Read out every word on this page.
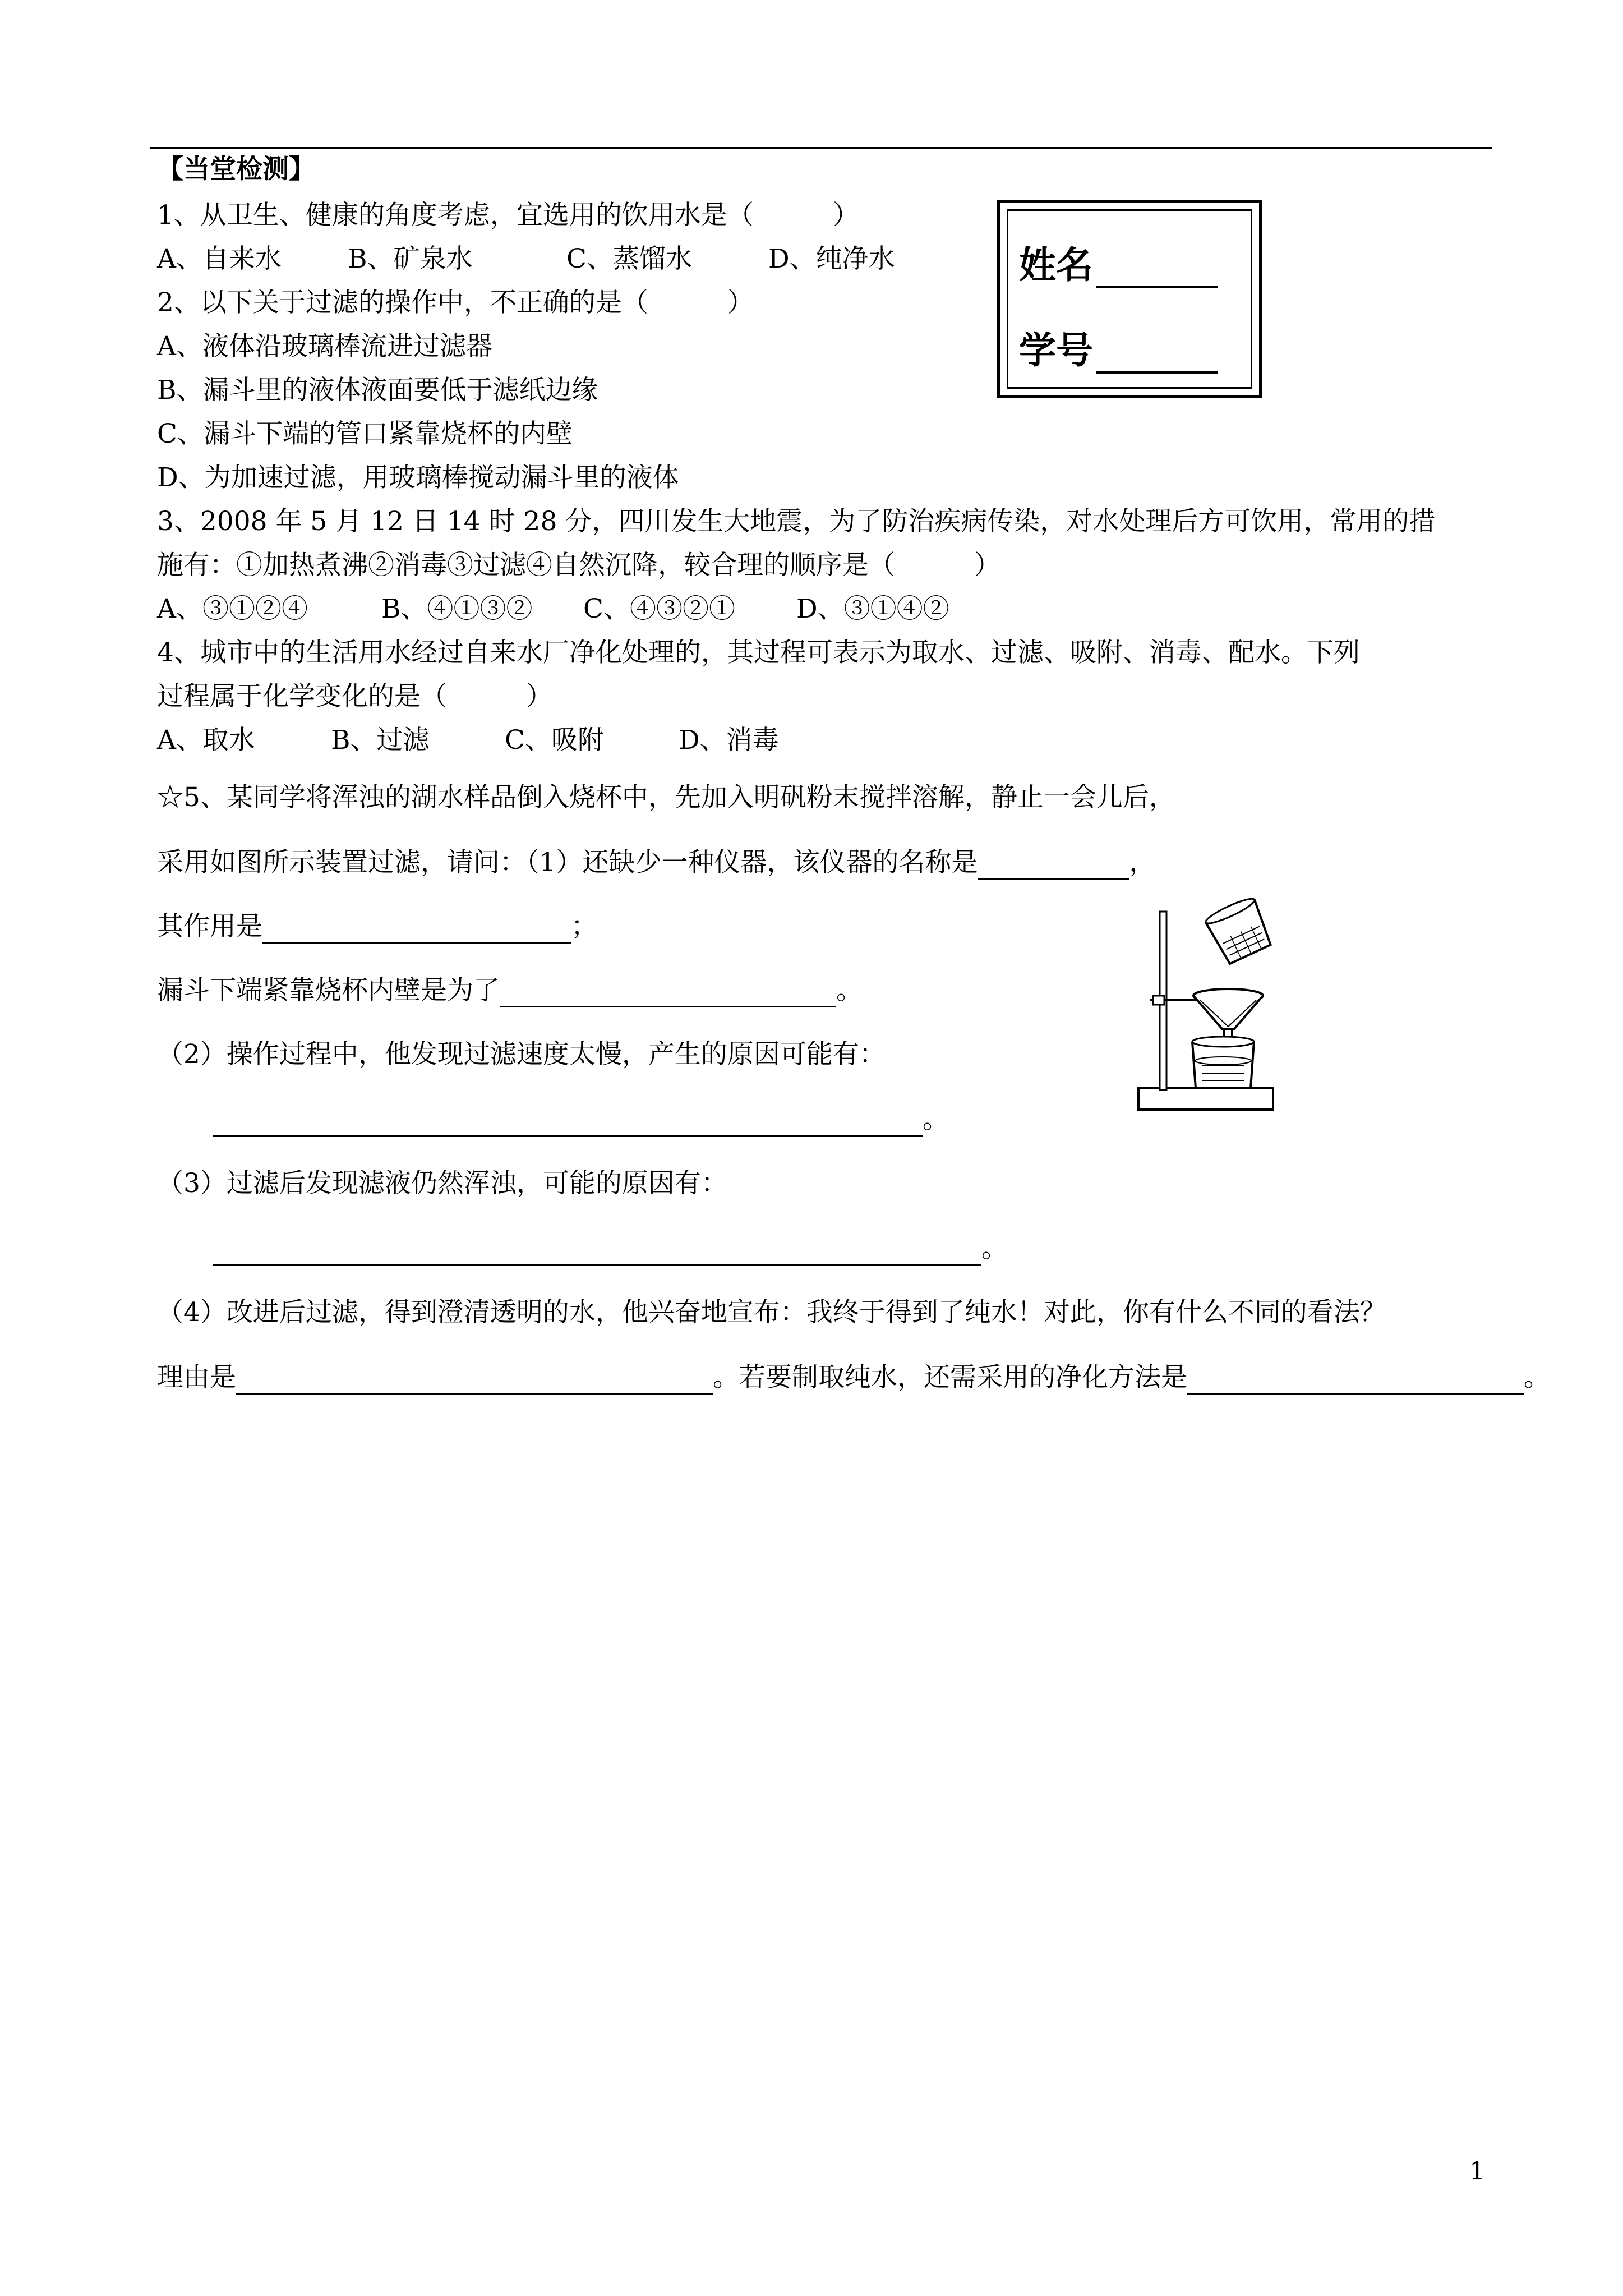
【当堂检测】
姓名
学号
1、从卫生、健康的角度考虑，宜选用的饮用水是（　　　）
A、自来水	B、矿泉水	C、蒸馏水	D、纯净水
2、以下关于过滤的操作中，不正确的是（　　　）
A、液体沿玻璃棒流进过滤器
B、漏斗里的液体液面要低于滤纸边缘
C、漏斗下端的管口紧靠烧杯的内壁
D、为加速过滤，用玻璃棒搅动漏斗里的液体
3、2008 年 5 月 12 日 14 时 28 分，四川发生大地震，为了防治疾病传染，对水处理后方可饮用，常用的措
施有：①加热煮沸②消毒③过滤④自然沉降，较合理的顺序是（　　　）
A、③①②④	B、④①③② C、④③②① D、③①④②
4、城市中的生活用水经过自来水厂净化处理的，其过程可表示为取水、过滤、吸附、消毒、配水。下列
过程属于化学变化的是（　　　）
A、取水	B、过滤	C、吸附	D、消毒
☆5、某同学将浑浊的湖水样品倒入烧杯中，先加入明矾粉末搅拌溶解，静止一会儿后，
采用如图所示装置过滤，请问：（1）还缺少一种仪器，该仪器的名称是	，
其作用是	；
漏斗下端紧靠烧杯内壁是为了	。
（2）操作过程中，他发现过滤速度太慢，产生的原因可能有：
。
（3）过滤后发现滤液仍然浑浊，可能的原因有：
。
（4）改进后过滤，得到澄清透明的水，他兴奋地宣布：我终于得到了纯水！对此，你有什么不同的看法？
理由是	。若要制取纯水，还需采用的净化方法是	。
1
